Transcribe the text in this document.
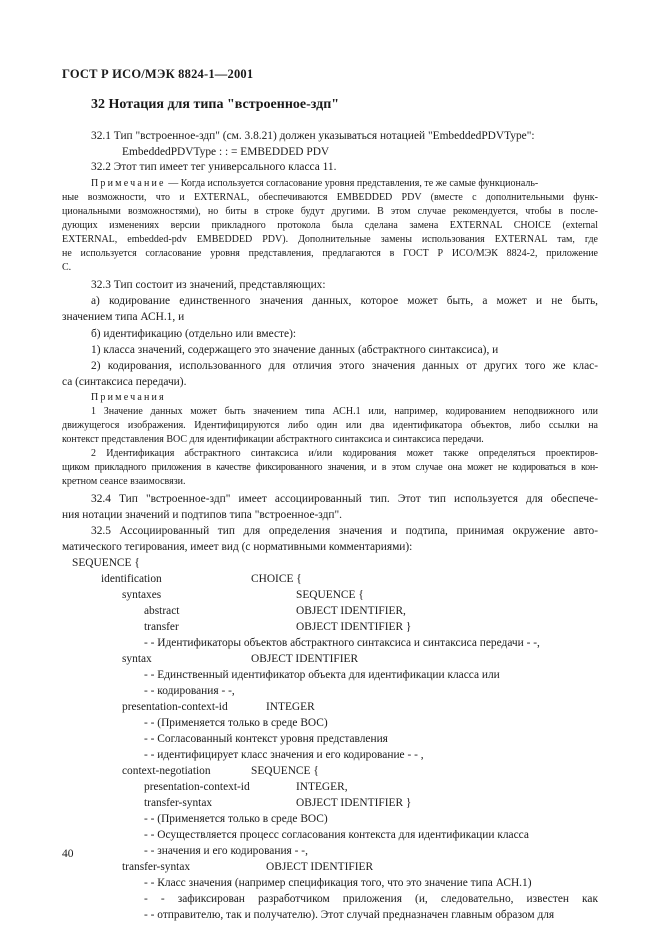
ГОСТ Р ИСО/МЭК 8824-1—2001
32 Нотация для типа "встроенное-здп"
32.1 Тип "встроенное-здп" (см. 3.8.21) должен указываться нотацией "EmbeddedPDVType":
EmbeddedPDVType : : = EMBEDDED PDV
32.2 Этот тип имеет тег универсального класса 11.
Примечание — Когда используется согласование уровня представления, те же самые функциональ-
ные возможности, что и EXTERNAL, обеспечиваются EMBEDDED PDV (вместе с дополнительными функ-
циональными возможностями), но биты в строке будут другими. В этом случае рекомендуется, чтобы в после-
дующих изменениях версии прикладного протокола была сделана замена EXTERNAL CHOICE (external
EXTERNAL, embedded-pdv EMBEDDED PDV). Дополнительные замены использования EXTERNAL там, где
не используется согласование уровня представления, предлагаются в ГОСТ Р ИСО/МЭК 8824-2, приложение
С.
32.3 Тип состоит из значений, представляющих:
а) кодирование единственного значения данных, которое может быть, а может и не быть,
значением типа АСН.1, и
б) идентификацию (отдельно или вместе):
1) класса значений, содержащего это значение данных (абстрактного синтаксиса), и
2) кодирования, использованного для отличия этого значения данных от других того же клас-
са (синтаксиса передачи).
Примечания
1 Значение данных может быть значением типа АСН.1 или, например, кодированием неподвижного или
движущегося изображения. Идентифицируются либо один или два идентификатора объектов, либо ссылки на
контекст представления ВОС для идентификации абстрактного синтаксиса и синтаксиса передачи.
2 Идентификация абстрактного синтаксиса и/или кодирования может также определяться проектиров-
щиком прикладного приложения в качестве фиксированного значения, и в этом случае она может не кодироваться в кон-
кретном сеансе взаимосвязи.
32.4 Тип "встроенное-здп" имеет ассоциированный тип. Этот тип используется для обеспече-
ния нотации значений и подтипов типа "встроенное-здп".
32.5 Ассоциированный тип для определения значения и подтипа, принимая окружение авто-
матического тегирования, имеет вид (с нормативными комментариями):
SEQUENCE {
identification	CHOICE {
syntaxes	SEQUENCE {
abstract	OBJECT IDENTIFIER,
transfer	OBJECT IDENTIFIER }
- - Идентификаторы объектов абстрактного синтаксиса и синтаксиса передачи - -,
syntax	OBJECT IDENTIFIER
- - Единственный идентификатор объекта для идентификации класса или
- - кодирования - -,
presentation-context-id	INTEGER
- - (Применяется только в среде ВОС)
- - Согласованный контекст уровня представления
- - идентифицирует класс значения и его кодирование - - ,
context-negotiation	SEQUENCE {
presentation-context-id	INTEGER,
transfer-syntax	OBJECT IDENTIFIER }
- - (Применяется только в среде ВОС)
- - Осуществляется процесс согласования контекста для идентификации класса
- - значения и его кодирования - -,
transfer-syntax	OBJECT IDENTIFIER
- - Класс значения (например спецификация того, что это значение типа АСН.1)
- - зафиксирован разработчиком приложения (и, следовательно, известен как
- - отправителю, так и получателю). Этот случай предназначен главным образом для
40
